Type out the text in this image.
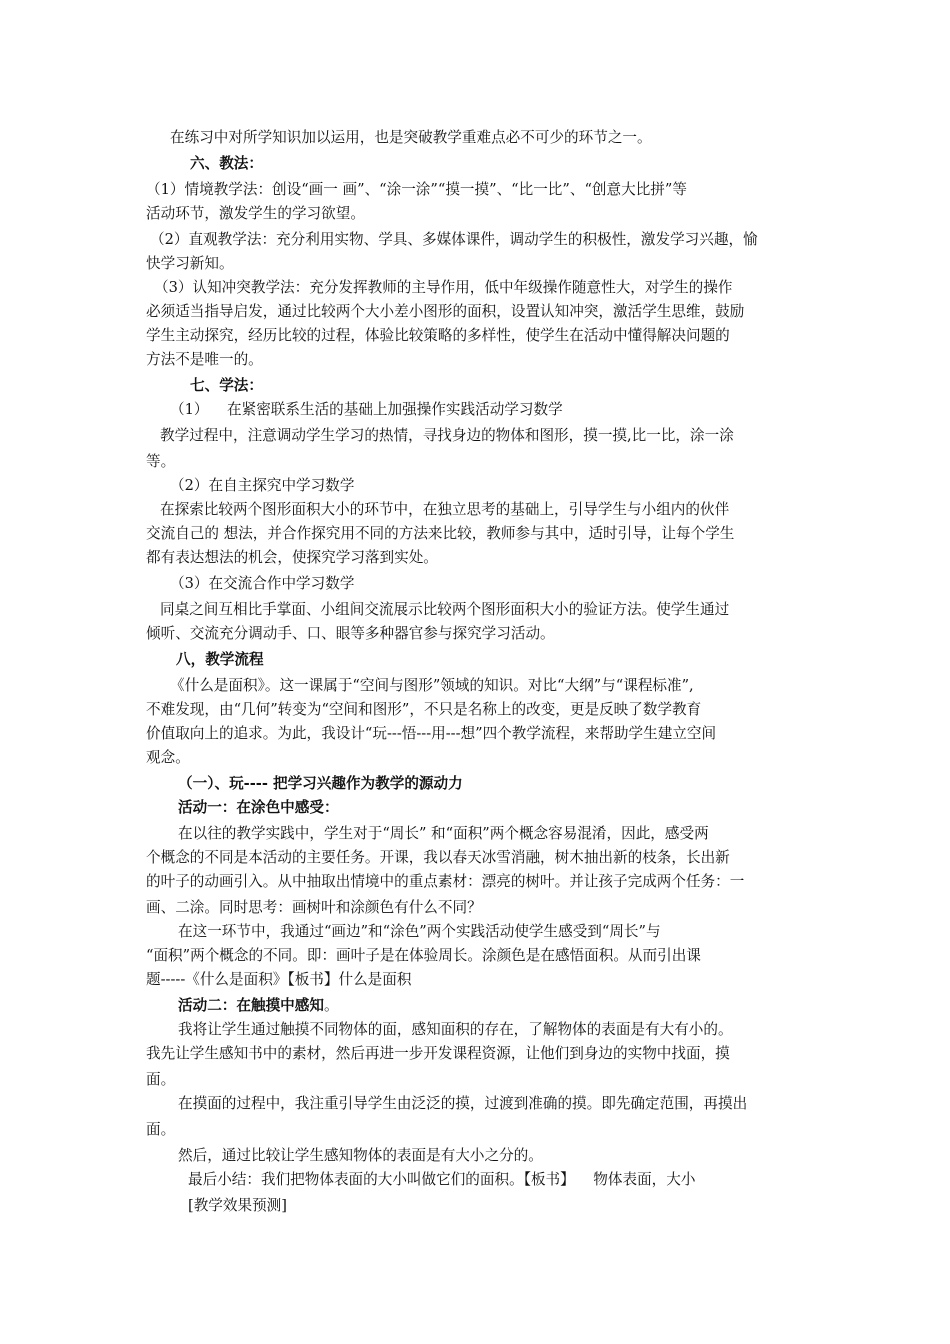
在练习中对所学知识加以运用，也是突破教学重难点必不可少的环节之一。
六、教法：
（1）情境教学法：创设“画一 画”、“涂一涂”“摸一摸”、“比一比”、“创意大比拼”等
活动环节，激发学生的学习欲望。
（2）直观教学法：充分利用实物、学具、多媒体课件，调动学生的积极性，激发学习兴趣，愉
快学习新知。
（3）认知冲突教学法：充分发挥教师的主导作用，低中年级操作随意性大，对学生的操作
必须适当指导启发，通过比较两个大小差小图形的面积，设置认知冲突，激活学生思维，鼓励
学生主动探究，经历比较的过程，体验比较策略的多样性，使学生在活动中懂得解决问题的
方法不是唯一的。
七、学法：
（1）    在紧密联系生活的基础上加强操作实践活动学习数学
教学过程中，注意调动学生学习的热情，寻找身边的物体和图形，摸一摸,比一比，涂一涂
等。
（2）在自主探究中学习数学
在探索比较两个图形面积大小的环节中，在独立思考的基础上，引导学生与小组内的伙伴
交流自己的 想法，并合作探究用不同的方法来比较，教师参与其中，适时引导，让每个学生
都有表达想法的机会，使探究学习落到实处。
（3）在交流合作中学习数学
同桌之间互相比手掌面、小组间交流展示比较两个图形面积大小的验证方法。使学生通过
倾听、交流充分调动手、口、眼等多种器官参与探究学习活动。
八，教学流程
《什么是面积》。这一课属于“空间与图形”领域的知识。对比“大纲”与“课程标准”,
不难发现，由“几何”转变为“空间和图形”，不只是名称上的改变，更是反映了数学教育
价值取向上的追求。为此，我设计“玩---悟---用---想”四个教学流程，来帮助学生建立空间
观念。
（一）、玩---- 把学习兴趣作为教学的源动力
活动一：在涂色中感受：
在以往的教学实践中，学生对于“周长” 和“面积”两个概念容易混淆，因此，感受两
个概念的不同是本活动的主要任务。开课，我以春天冰雪消融，树木抽出新的枝条，长出新
的叶子的动画引入。从中抽取出情境中的重点素材：漂亮的树叶。并让孩子完成两个任务：一
画、二涂。同时思考：画树叶和涂颜色有什么不同？
在这一环节中，我通过“画边”和“涂色”两个实践活动使学生感受到“周长”与
“面积”两个概念的不同。即：画叶子是在体验周长。涂颜色是在感悟面积。从而引出课
题-----《什么是面积》【板书】什么是面积
活动二：在触摸中感知。
我将让学生通过触摸不同物体的面，感知面积的存在，了解物体的表面是有大有小的。
我先让学生感知书中的素材，然后再进一步开发课程资源，让他们到身边的实物中找面，摸
面。
在摸面的过程中，我注重引导学生由泛泛的摸，过渡到准确的摸。即先确定范围，再摸出
面。
然后，通过比较让学生感知物体的表面是有大小之分的。
最后小结：我们把物体表面的大小叫做它们的面积。【板书】    物体表面，大小
[教学效果预测]
